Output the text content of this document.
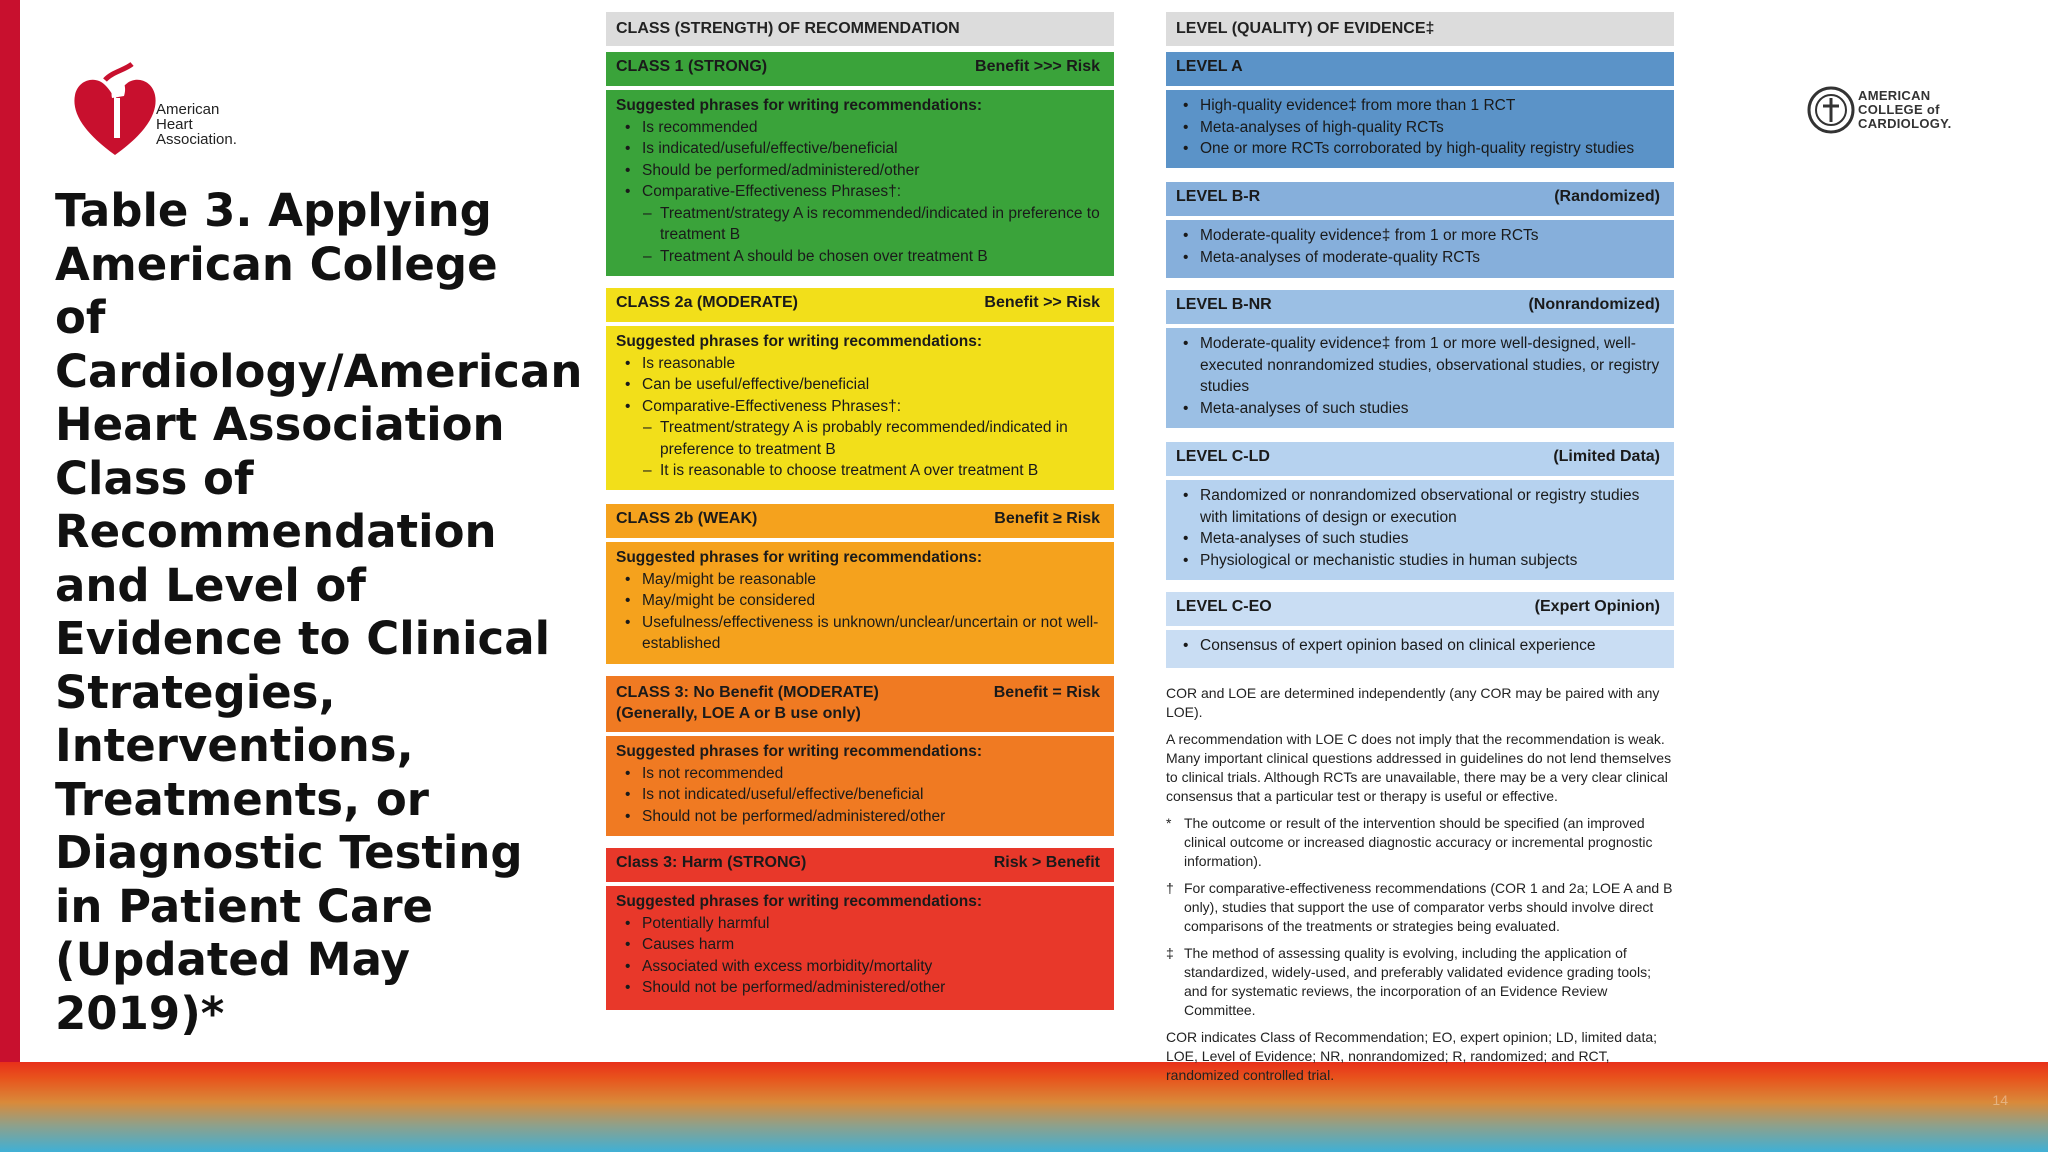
14
American
Heart
Association.
AMERICAN
COLLEGE of
CARDIOLOGY.
Table 3. Applying American College of Cardiology/American Heart Association Class of Recommendation and Level of Evidence to Clinical Strategies, Interventions, Treatments, or Diagnostic Testing in Patient Care (Updated May 2019)*
CLASS (STRENGTH) OF RECOMMENDATION
CLASS 1 (STRONG)	Benefit >>> Risk
Suggested phrases for writing recommendations:
• Is recommended
• Is indicated/useful/effective/beneficial
• Should be performed/administered/other
• Comparative-Effectiveness Phrases†:
– Treatment/strategy A is recommended/indicated in preference to treatment B
– Treatment A should be chosen over treatment B
CLASS 2a (MODERATE)	Benefit >> Risk
Suggested phrases for writing recommendations:
• Is reasonable
• Can be useful/effective/beneficial
• Comparative-Effectiveness Phrases†:
– Treatment/strategy A is probably recommended/indicated in preference to treatment B
– It is reasonable to choose treatment A over treatment B
CLASS 2b (WEAK)	Benefit ≥ Risk
Suggested phrases for writing recommendations:
• May/might be reasonable
• May/might be considered
• Usefulness/effectiveness is unknown/unclear/uncertain or not well-established
CLASS 3: No Benefit (MODERATE)
(Generally, LOE A or B use only)
Benefit = Risk
Suggested phrases for writing recommendations:
• Is not recommended
• Is not indicated/useful/effective/beneficial
• Should not be performed/administered/other
Class 3: Harm (STRONG)	Risk > Benefit
Suggested phrases for writing recommendations:
• Potentially harmful
• Causes harm
• Associated with excess morbidity/mortality
• Should not be performed/administered/other
LEVEL (QUALITY) OF EVIDENCE‡
LEVEL A
• High-quality evidence‡ from more than 1 RCT
• Meta-analyses of high-quality RCTs
• One or more RCTs corroborated by high-quality registry studies
LEVEL B-R	(Randomized)
• Moderate-quality evidence‡ from 1 or more RCTs
• Meta-analyses of moderate-quality RCTs
LEVEL B-NR	(Nonrandomized)
• Moderate-quality evidence‡ from 1 or more well-designed, well-executed nonrandomized studies, observational studies, or registry studies
• Meta-analyses of such studies
LEVEL C-LD	(Limited Data)
• Randomized or nonrandomized observational or registry studies with limitations of design or execution
• Meta-analyses of such studies
• Physiological or mechanistic studies in human subjects
LEVEL C-EO	(Expert Opinion)
• Consensus of expert opinion based on clinical experience

COR and LOE are determined independently (any COR may be paired with any LOE).

A recommendation with LOE C does not imply that the recommendation is weak. Many important clinical questions addressed in guidelines do not lend themselves to clinical trials. Although RCTs are unavailable, there may be a very clear clinical consensus that a particular test or therapy is useful or effective.

* The outcome or result of the intervention should be specified (an improved clinical outcome or increased diagnostic accuracy or incremental prognostic information).
† For comparative-effectiveness recommendations (COR 1 and 2a; LOE A and B only), studies that support the use of comparator verbs should involve direct comparisons of the treatments or strategies being evaluated.
‡ The method of assessing quality is evolving, including the application of standardized, widely-used, and preferably validated evidence grading tools; and for systematic reviews, the incorporation of an Evidence Review Committee.

COR indicates Class of Recommendation; EO, expert opinion; LD, limited data; LOE, Level of Evidence; NR, nonrandomized; R, randomized; and RCT, randomized controlled trial.
